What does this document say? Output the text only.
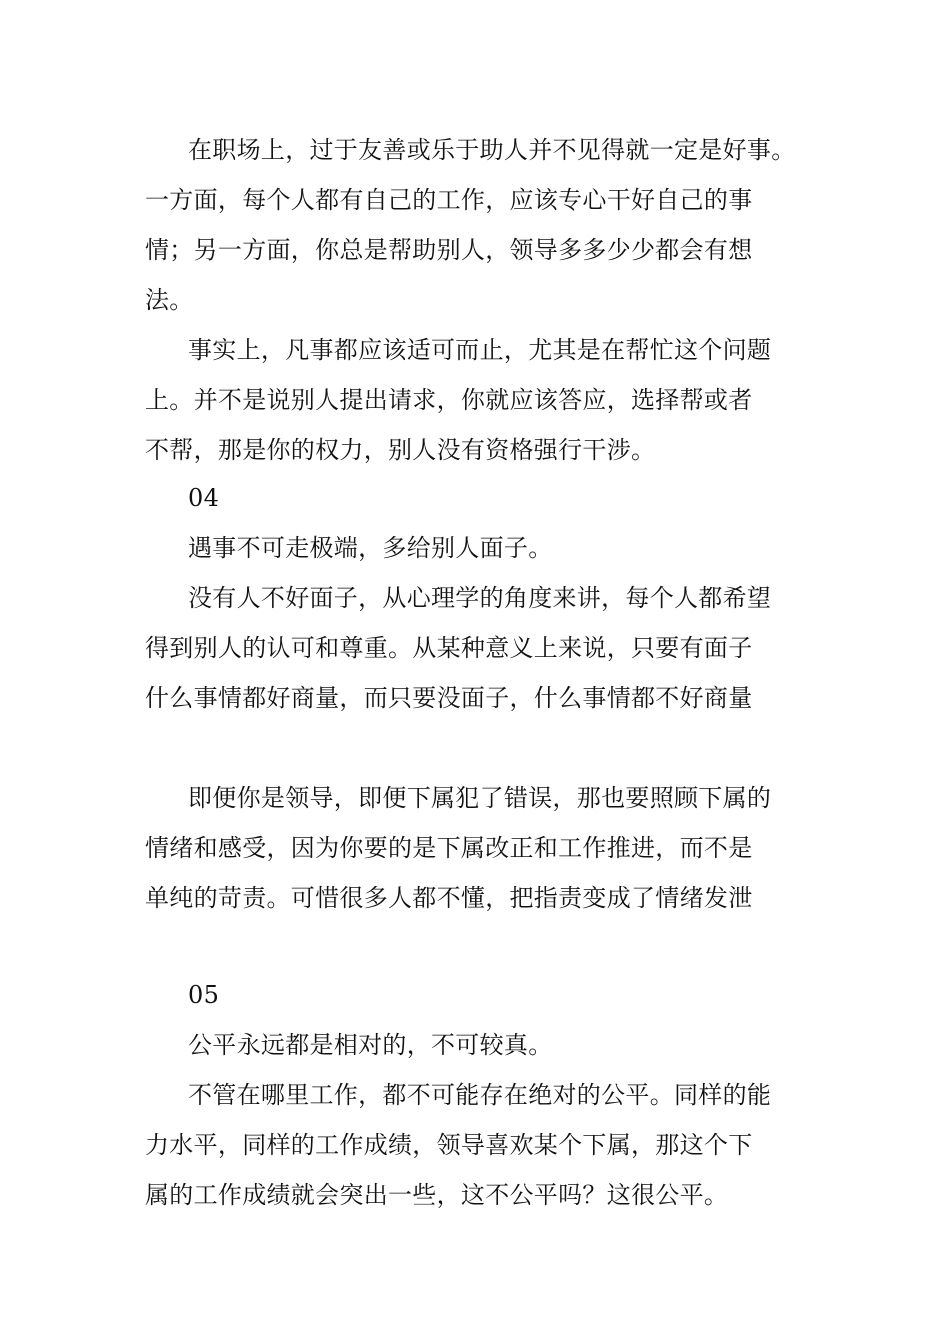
在职场上，过于友善或乐于助人并不见得就一定是好事。
一方面，每个人都有自己的工作，应该专心干好自己的事
情；另一方面，你总是帮助别人，领导多多少少都会有想
法。
事实上，凡事都应该适可而止，尤其是在帮忙这个问题
上。并不是说别人提出请求，你就应该答应，选择帮或者
不帮，那是你的权力，别人没有资格强行干涉。
04
遇事不可走极端，多给别人面子。
没有人不好面子，从心理学的角度来讲，每个人都希望
得到别人的认可和尊重。从某种意义上来说，只要有面子
什么事情都好商量，而只要没面子，什么事情都不好商量
即便你是领导，即便下属犯了错误，那也要照顾下属的
情绪和感受，因为你要的是下属改正和工作推进，而不是
单纯的苛责。可惜很多人都不懂，把指责变成了情绪发泄
05
公平永远都是相对的，不可较真。
不管在哪里工作，都不可能存在绝对的公平。同样的能
力水平，同样的工作成绩，领导喜欢某个下属，那这个下
属的工作成绩就会突出一些，这不公平吗？这很公平。
